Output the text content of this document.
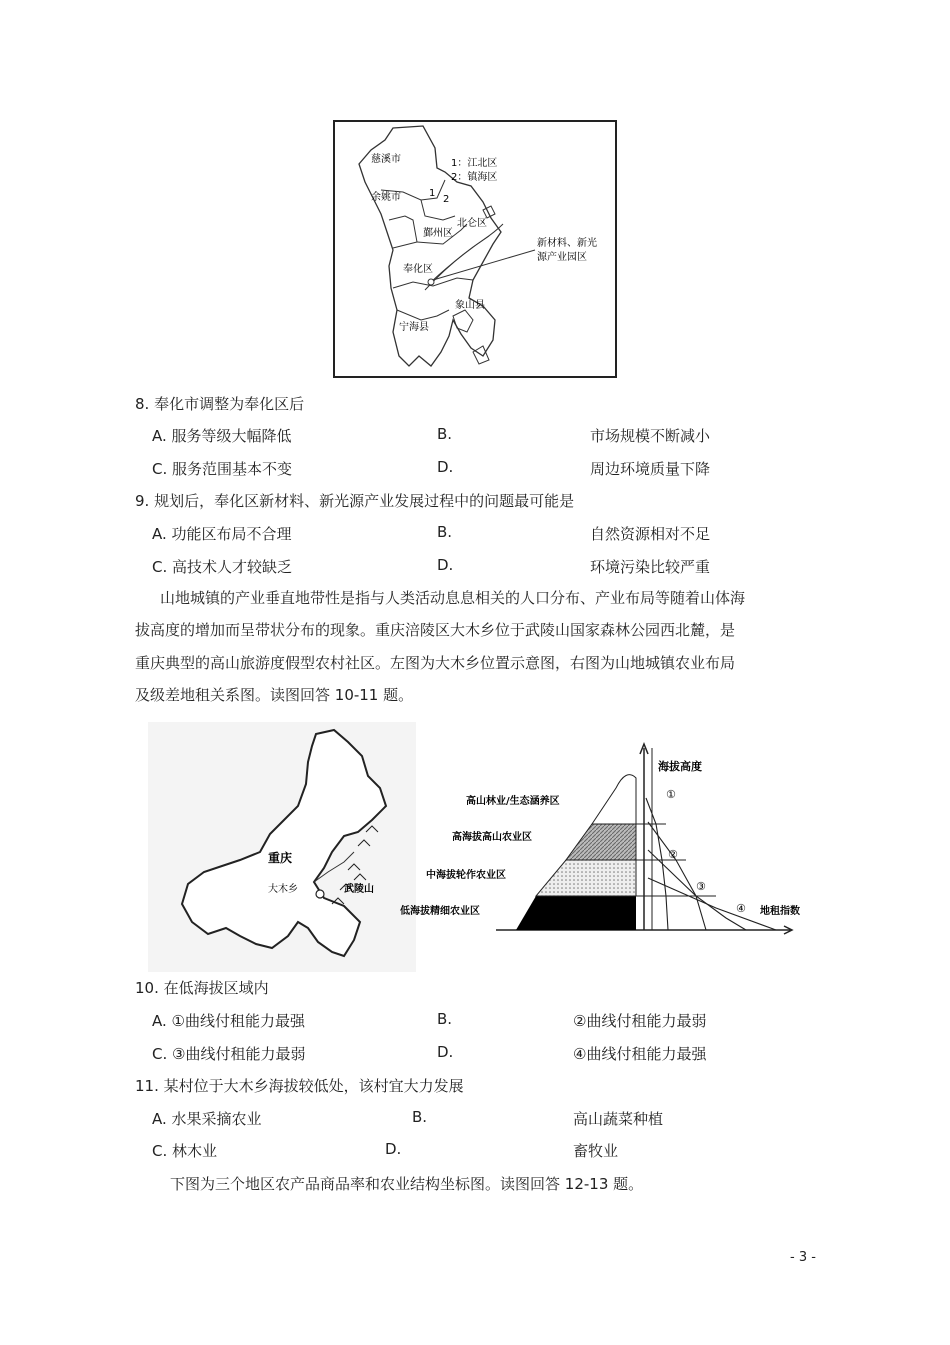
慈溪市	1：江北区
2：镇海区
余姚市	1
2
北仑区
鄞州区
新材料、新光
源产业园区
奉化区
象山县
宁海县
8. 奉化市调整为奉化区后
A. 服务等级大幅降低	B.	市场规模不断减小
C. 服务范围基本不变	D.	周边环境质量下降
9. 规划后，奉化区新材料、新光源产业发展过程中的问题最可能是
A. 功能区布局不合理	B.	自然资源相对不足
C. 高技术人才较缺乏	D.	环境污染比较严重
山地城镇的产业垂直地带性是指与人类活动息息相关的人口分布、产业布局等随着山体海
拔高度的增加而呈带状分布的现象。重庆涪陵区大木乡位于武陵山国家森林公园西北麓，是
重庆典型的高山旅游度假型农村社区。左图为大木乡位置示意图，右图为山地城镇农业布局
及级差地租关系图。读图回答 10-11 题。
重庆
大木乡	武陵山
①
②
③
④
海拔高度
地租指数
高山林业/生态涵养区
高海拔高山农业区
中海拔轮作农业区
低海拔精细农业区
10. 在低海拔区域内
A. ①曲线付租能力最强	B.	②曲线付租能力最弱
C. ③曲线付租能力最弱	D.	④曲线付租能力最强
11. 某村位于大木乡海拔较低处，该村宜大力发展
A. 水果采摘农业	B.	高山蔬菜种植
C. 林木业	D.	畜牧业
下图为三个地区农产品商品率和农业结构坐标图。读图回答 12-13 题。
- 3 -
